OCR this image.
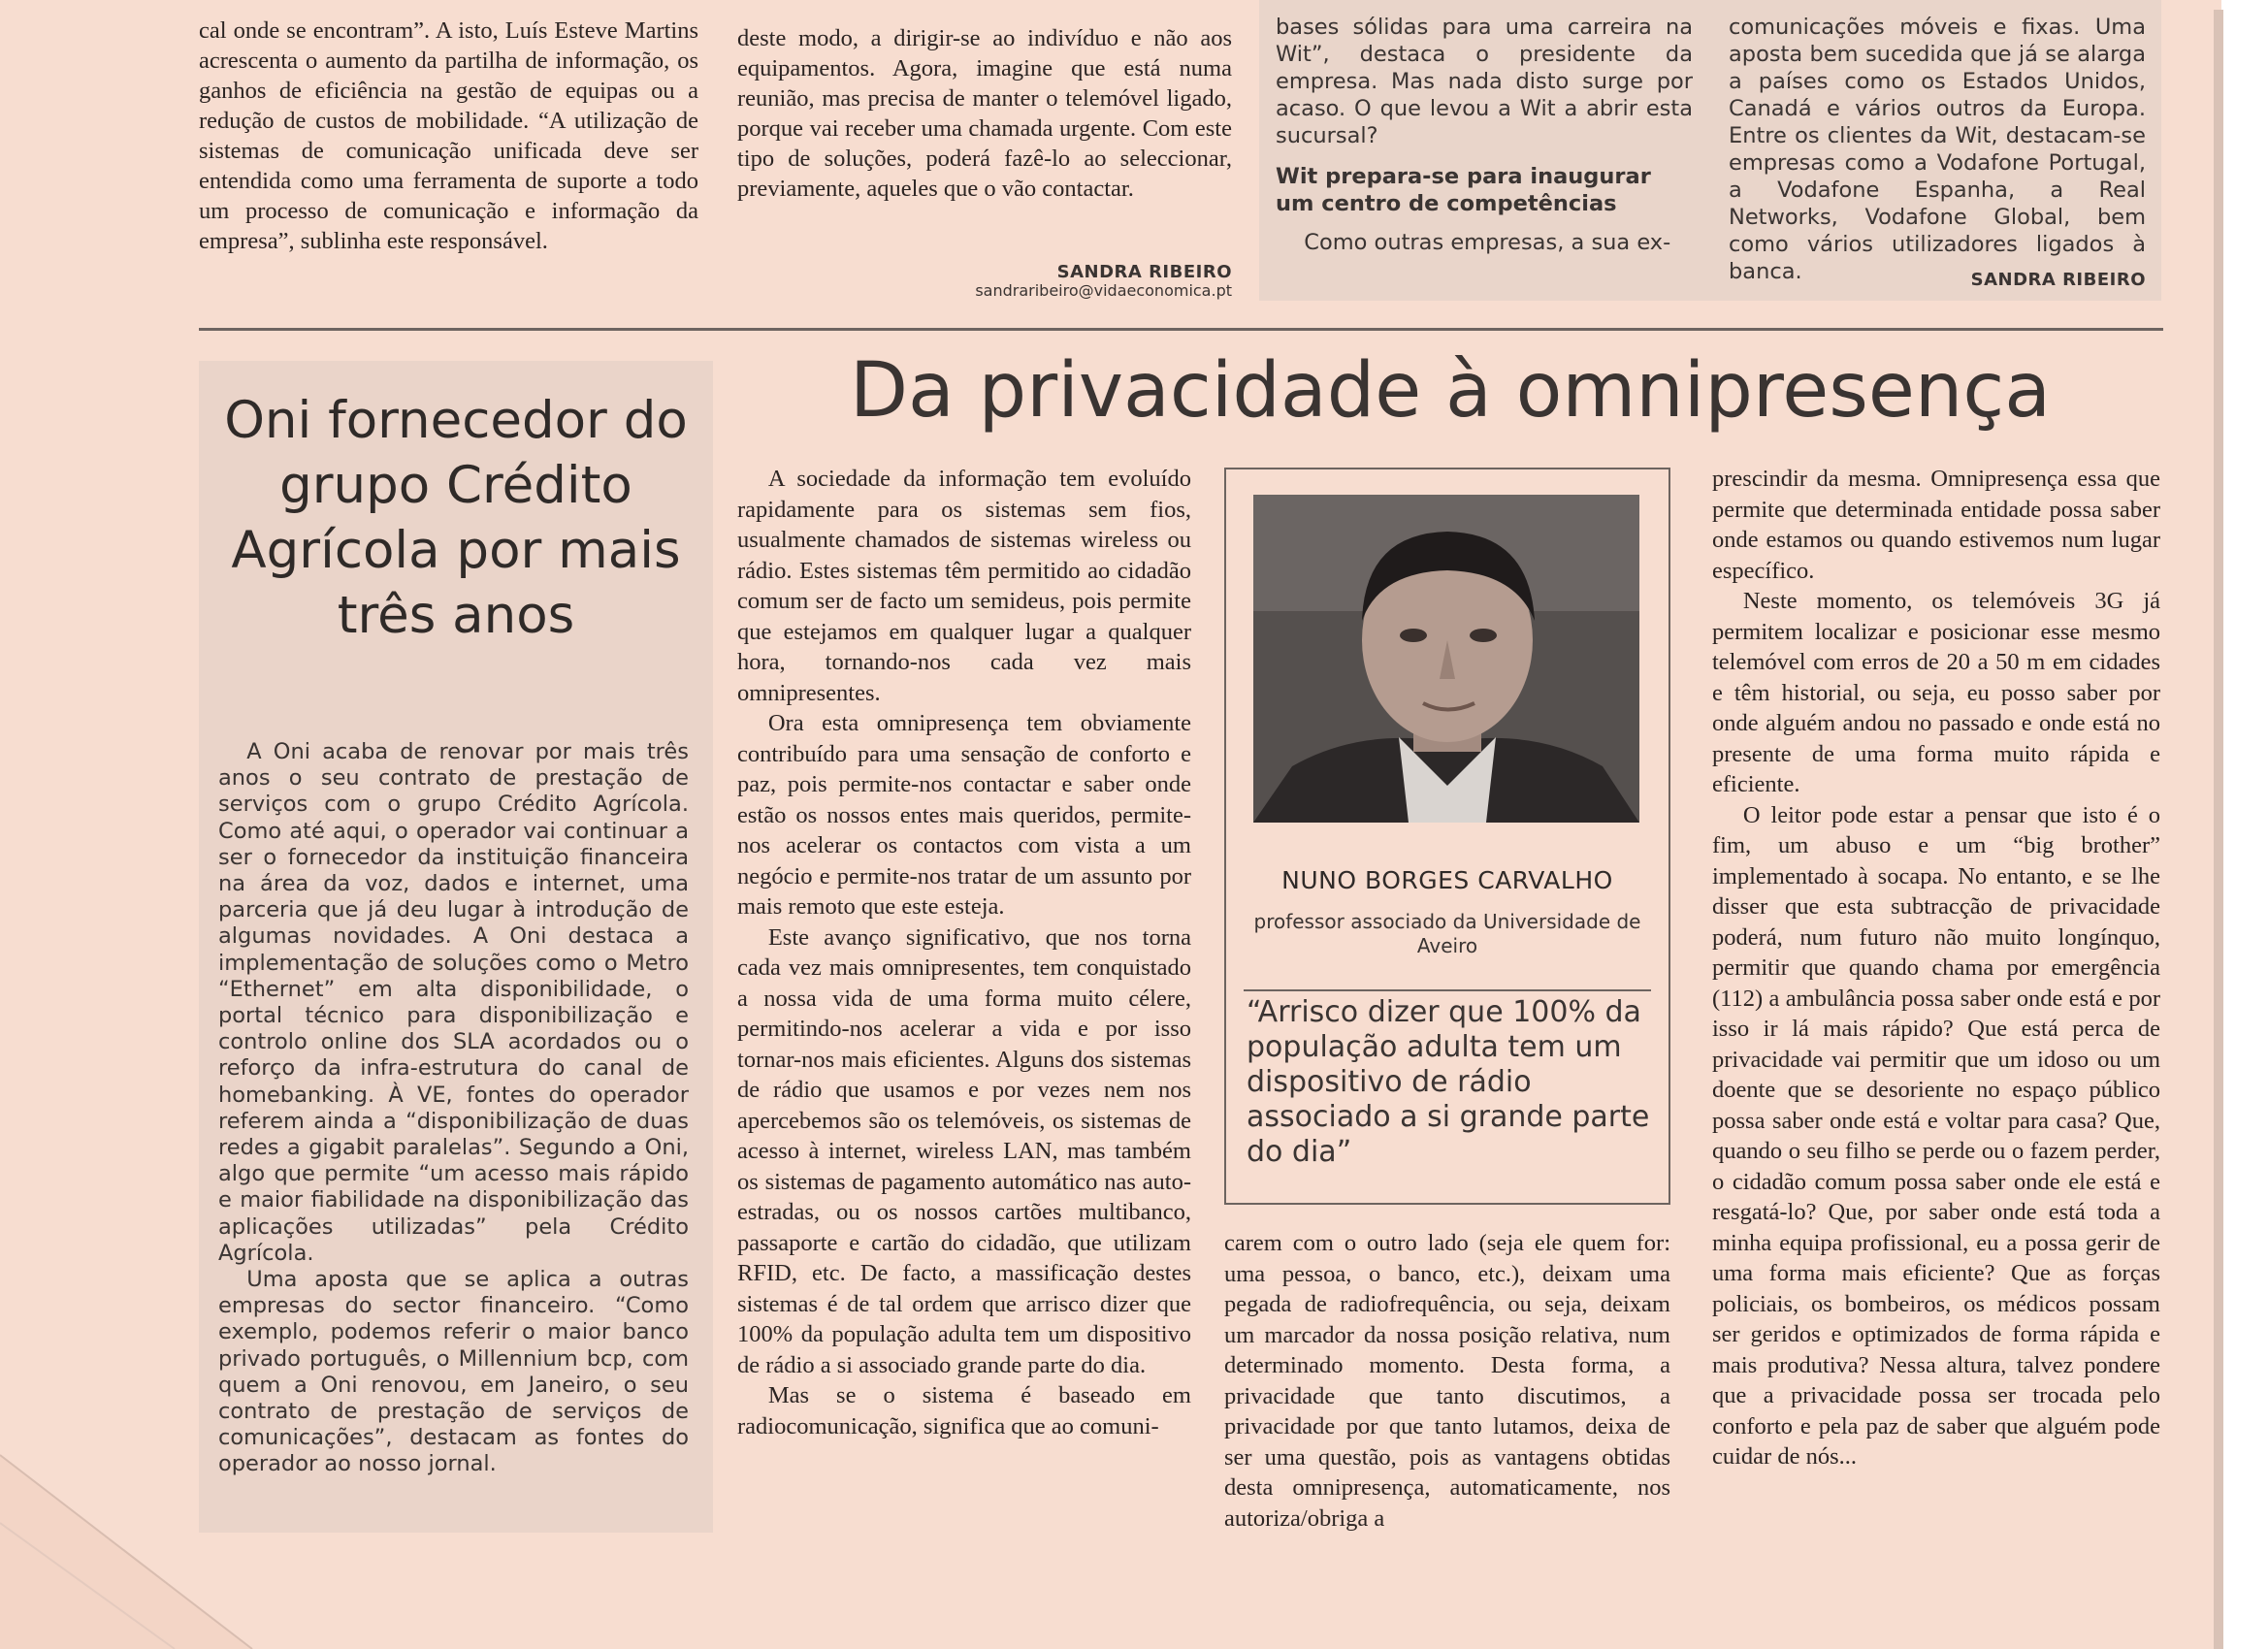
cal onde se encontram”. A isto, Luís Esteve Martins acrescenta o aumento da partilha de informação, os ganhos de eficiência na gestão de equipas ou a redução de custos de mobilidade. “A utilização de sistemas de comunicação unificada deve ser entendida como uma ferramenta de suporte a todo um processo de comunicação e informação da empresa”, sublinha este responsável.

deste modo, a dirigir-se ao indivíduo e não aos equipamentos. Agora, imagine que está numa reunião, mas precisa de manter o telemóvel ligado, porque vai receber uma chamada urgente. Com este tipo de soluções, poderá fazê-lo ao seleccionar, previamente, aqueles que o vão contactar.

SANDRA RIBEIRO
sandraribeiro@vidaeconomica.pt

bases sólidas para uma carreira na Wit”, destaca o presidente da empresa. Mas nada disto surge por acaso. O que levou a Wit a abrir esta sucursal?

Wit prepara-se para inaugurar um centro de competências

Como outras empresas, a sua ex-

comunicações móveis e fixas. Uma aposta bem sucedida que já se alarga a países como os Estados Unidos, Canadá e vários outros da Europa. Entre os clientes da Wit, destacam-se empresas como a Vodafone Portugal, a Vodafone Espanha, a Real Networks, Vodafone Global, bem como vários utilizadores ligados à banca.	SANDRA RIBEIRO
Oni fornecedor do grupo Crédito Agrícola por mais três anos

A Oni acaba de renovar por mais três anos o seu contrato de prestação de serviços com o grupo Crédito Agrícola. Como até aqui, o operador vai continuar a ser o fornecedor da instituição financeira na área da voz, dados e internet, uma parceria que já deu lugar à introdução de algumas novidades. A Oni destaca a implementação de soluções como o Metro “Ethernet” em alta disponibilidade, o portal técnico para disponibilização e controlo online dos SLA acordados ou o reforço da infra-estrutura do canal de homebanking. À VE, fontes do operador referem ainda a “disponibilização de duas redes a gigabit paralelas”. Segundo a Oni, algo que permite “um acesso mais rápido e maior fiabilidade na disponibilização das aplicações utilizadas” pela Crédito Agrícola.

Uma aposta que se aplica a outras empresas do sector financeiro. “Como exemplo, podemos referir o maior banco privado português, o Millennium bcp, com quem a Oni renovou, em Janeiro, o seu contrato de prestação de serviços de comunicações”, destacam as fontes do operador ao nosso jornal.

Da privacidade à omnipresença

A sociedade da informação tem evoluído rapidamente para os sistemas sem fios, usualmente chamados de sistemas wireless ou rádio. Estes sistemas têm permitido ao cidadão comum ser de facto um semideus, pois permite que estejamos em qualquer lugar a qualquer hora, tornando-nos cada vez mais omnipresentes.

Ora esta omnipresença tem obviamente contribuído para uma sensação de conforto e paz, pois permite-nos contactar e saber onde estão os nossos entes mais queridos, permite-nos acelerar os contactos com vista a um negócio e permite-nos tratar de um assunto por mais remoto que este esteja.

Este avanço significativo, que nos torna cada vez mais omnipresentes, tem conquistado a nossa vida de uma forma muito célere, permitindo-nos acelerar a vida e por isso tornar-nos mais eficientes. Alguns dos sistemas de rádio que usamos e por vezes nem nos apercebemos são os telemóveis, os sistemas de acesso à internet, wireless LAN, mas também os sistemas de pagamento automático nas auto-estradas, ou os nossos cartões multibanco, passaporte e cartão do cidadão, que utilizam RFID, etc. De facto, a massificação destes sistemas é de tal ordem que arrisco dizer que 100% da população adulta tem um dispositivo de rádio a si associado grande parte do dia.

Mas se o sistema é baseado em radiocomunicação, significa que ao comuni-

NUNO BORGES CARVALHO
professor associado da Universidade de Aveiro
“Arrisco dizer que 100% da população adulta tem um dispositivo de rádio associado a si grande parte do dia”

carem com o outro lado (seja ele quem for: uma pessoa, o banco, etc.), deixam uma pegada de radiofrequência, ou seja, deixam um marcador da nossa posição relativa, num determinado momento. Desta forma, a privacidade que tanto discutimos, a privacidade por que tanto lutamos, deixa de ser uma questão, pois as vantagens obtidas desta omnipresença, automaticamente, nos autoriza/obriga a

prescindir da mesma. Omnipresença essa que permite que determinada entidade possa saber onde estamos ou quando estivemos num lugar específico.

Neste momento, os telemóveis 3G já permitem localizar e posicionar esse mesmo telemóvel com erros de 20 a 50 m em cidades e têm historial, ou seja, eu posso saber por onde alguém andou no passado e onde está no presente de uma forma muito rápida e eficiente.

O leitor pode estar a pensar que isto é o fim, um abuso e um “big brother” implementado à socapa. No entanto, e se lhe disser que esta subtracção de privacidade poderá, num futuro não muito longínquo, permitir que quando chama por emergência (112) a ambulância possa saber onde está e por isso ir lá mais rápido? Que está perca de privacidade vai permitir que um idoso ou um doente que se desoriente no espaço público possa saber onde está e voltar para casa? Que, quando o seu filho se perde ou o fazem perder, o cidadão comum possa saber onde ele está e resgatá-lo? Que, por saber onde está toda a minha equipa profissional, eu a possa gerir de uma forma mais eficiente? Que as forças policiais, os bombeiros, os médicos possam ser geridos e optimizados de forma rápida e mais produtiva? Nessa altura, talvez pondere que a privacidade possa ser trocada pelo conforto e pela paz de saber que alguém pode cuidar de nós...
